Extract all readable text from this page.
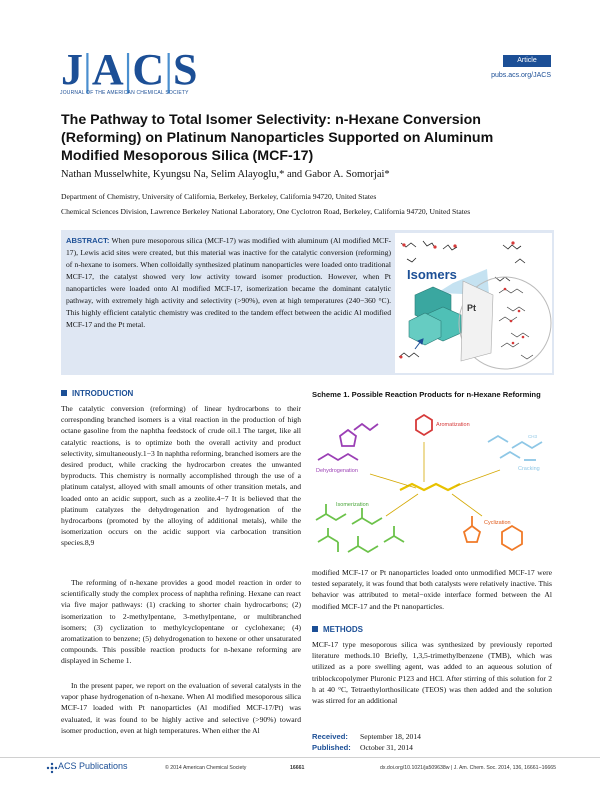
J|A|C|S
JOURNAL OF THE AMERICAN CHEMICAL SOCIETY
Article
pubs.acs.org/JACS
The Pathway to Total Isomer Selectivity: n-Hexane Conversion (Reforming) on Platinum Nanoparticles Supported on Aluminum Modified Mesoporous Silica (MCF-17)
Nathan Musselwhite, Kyungsu Na, Selim Alayoglu,* and Gabor A. Somorjai*
Department of Chemistry, University of California, Berkeley, Berkeley, California 94720, United States
Chemical Sciences Division, Lawrence Berkeley National Laboratory, One Cyclotron Road, Berkeley, California 94720, United States
ABSTRACT: When pure mesoporous silica (MCF-17) was modified with aluminum (Al modified MCF-17), Lewis acid sites were created, but this material was inactive for the catalytic conversion (reforming) of n-hexane to isomers. When colloidally synthesized platinum nanoparticles were loaded onto traditional MCF-17, the catalyst showed very low activity toward isomer production. However, when Pt nanoparticles were loaded onto Al modified MCF-17, isomerization became the dominant catalytic pathway, with extremely high activity and selectivity (>90%), even at high temperatures (240−360 °C). This highly efficient catalytic chemistry was credited to the tandem effect between the acidic Al modified MCF-17 and the Pt metal.
Isomers
Pt
INTRODUCTION
The catalytic conversion (reforming) of linear hydrocarbons to their corresponding branched isomers is a vital reaction in the production of high octane gasoline from the naphtha feedstock of crude oil.1 The target, like all catalytic reactions, is to optimize both the overall activity and product selectivity, simultaneously.1−3 In naphtha reforming, branched isomers are the desired product, while cracking the hydrocarbon creates the unwanted byproducts. This chemistry is normally accomplished through the use of a platinum catalyst, alloyed with small amounts of other transition metals, and loaded onto an acidic support, such as a zeolite.4−7 It is believed that the platinum catalyzes the dehydrogenation and hydrogenation of the hydrocarbons (promoted by the alloying of additional metals), while the isomerization occurs on the acidic support via carbocation transition species.8,9
The reforming of n-hexane provides a good model reaction in order to scientifically study the complex process of naphtha refining. Hexane can react via five major pathways: (1) cracking to shorter chain hydrocarbons; (2) isomerization to 2-methylpentane, 3-methylpentane, or multibranched isomers; (3) cyclization to methylcyclopentane or cyclohexane; (4) aromatization to benzene; (5) dehydrogenation to hexene or other unsaturated compounds. This possible reaction products for n-hexane reforming are displayed in Scheme 1.
In the present paper, we report on the evaluation of several catalysts in the vapor phase hydrogenation of n-hexane. When Al modified mesoporous silica MCF-17 loaded with Pt nanoparticles (Al modified MCF-17/Pt) was evaluated, it was found to be highly active and selective (>90%) toward isomer production, even at high temperatures. When either the Al
Scheme 1. Possible Reaction Products for n-Hexane Reforming
Dehydrogenation
Aromatization
Cracking
CH3
Isomerization
Cyclization
modified MCF-17 or Pt nanoparticles loaded onto unmodified MCF-17 were tested separately, it was found that both catalysts were relatively inactive. This behavior was attributed to metal−oxide interface formed between the Al modified MCF-17 and the Pt nanoparticles.
METHODS
MCF-17 type mesoporous silica was synthesized by previously reported literature methods.10 Briefly, 1,3,5-trimethylbenzene (TMB), which was utilized as a pore swelling agent, was added to an aqueous solution of triblockcopolymer Pluronic P123 and HCl. After stirring of this solution for 2 h at 40 °C, Tetraethylorthosilicate (TEOS) was then added and the solution was stirred for an additional
Received: September 18, 2014
Published: October 31, 2014
ACS Publications	© 2014 American Chemical Society	16661	dx.doi.org/10.1021/ja509638w | J. Am. Chem. Soc. 2014, 136, 16661−16665
